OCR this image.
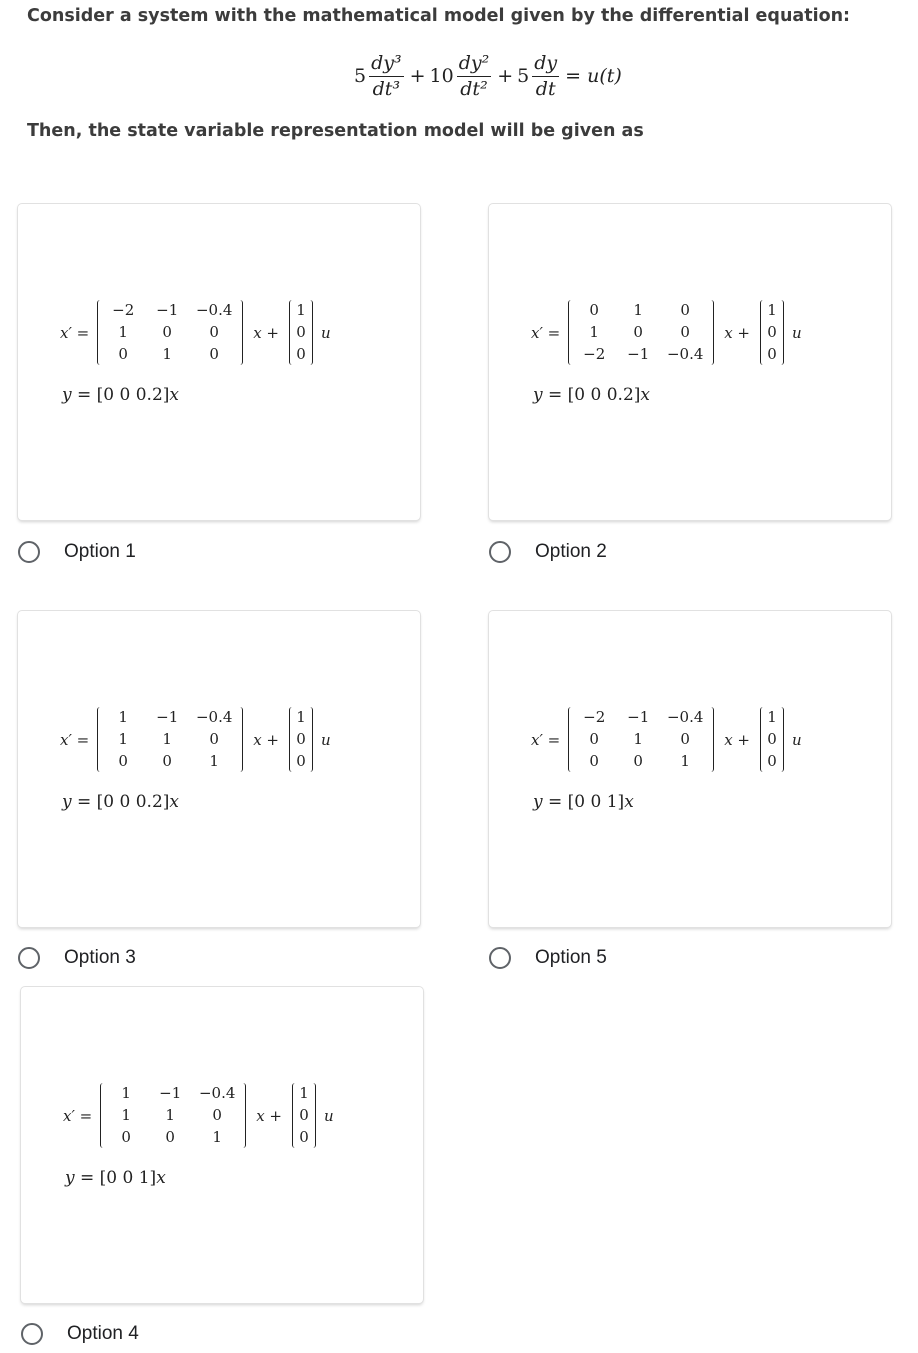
Consider a system with the mathematical model given by the differential equation:
$5 \frac{\text{dy³}}{\text{dt³}} + 10 \frac{\text{dy²}}{\text{dt²}} + 5 \frac{dy}{dt} = u(t)$
Then, the state variable representation model will be given as
x′ =
−2	−1	−0.4
1	0	0
0	1	0
x +
1
0
0
u
y = [0 0 0.2]x
x′ =
0	1	0
1	0	0
−2	−1	−0.4
x +
1
0
0
u
y = [0 0 0.2]x
x′ =
1	−1	−0.4
1	1	0
0	0	1
x +
1
0
0
u
y = [0 0 0.2]x
x′ =
−2	−1	−0.4
0	1	0
0	0	1
x +
1
0
0
u
y = [0 0 1]x
x′ =
1	−1	−0.4
1	1	0
0	0	1
x +
1
0
0
u
y = [0 0 1]x
Option 1	Option 2
Option 3	Option 5
Option 4
